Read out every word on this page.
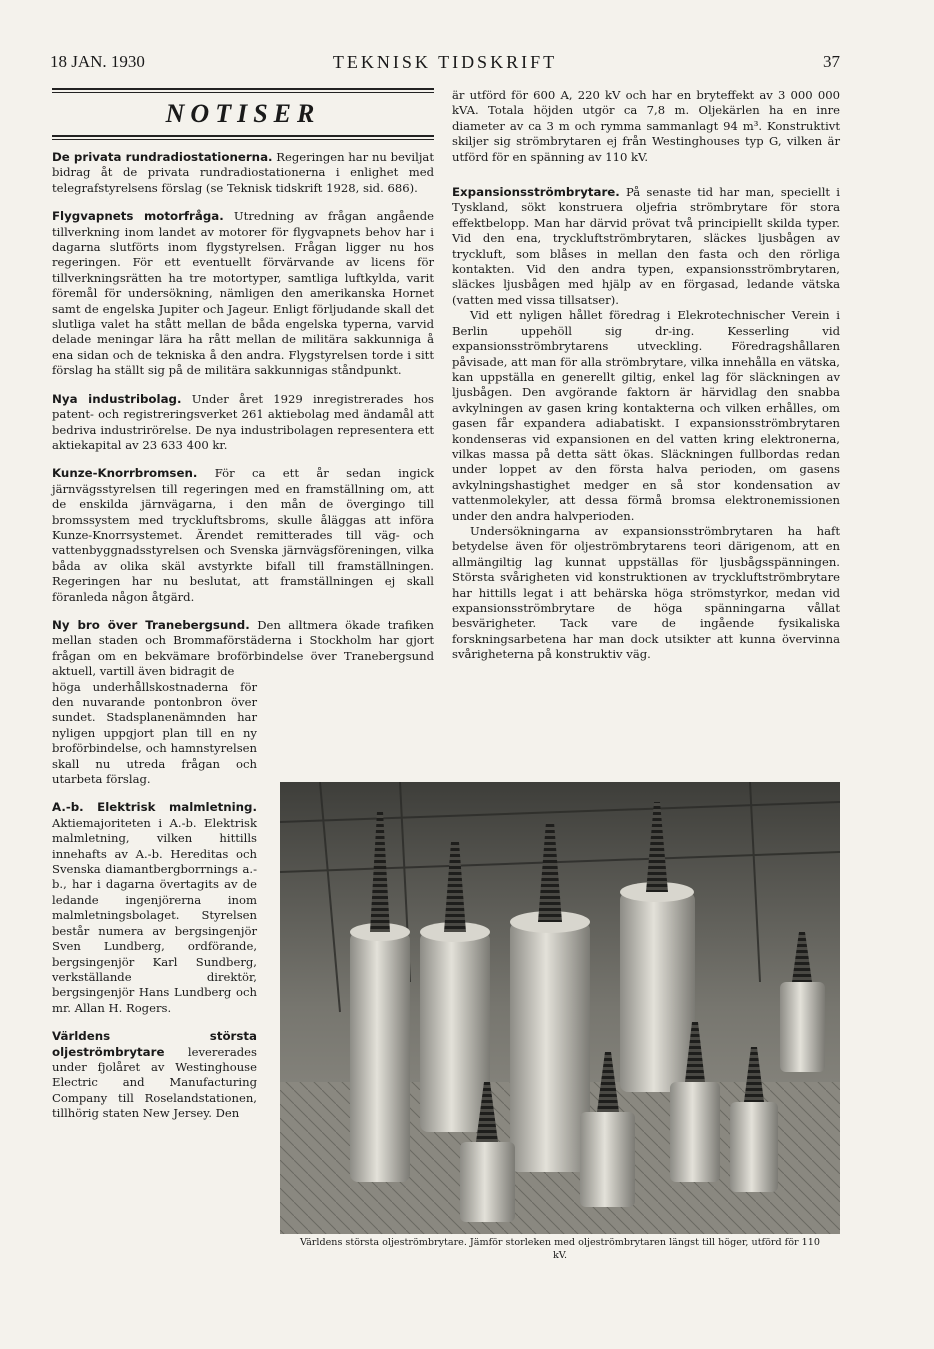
18 JAN. 1930	TEKNISK TIDSKRIFT	37
NOTISER

De privata rundradiostationerna. Regeringen har nu beviljat bidrag åt de privata rundradiostationerna i enlighet med telegrafstyrelsens förslag (se Teknisk tidskrift 1928, sid. 686).

Flygvapnets motorfråga. Utredning av frågan angående tillverkning inom landet av motorer för flygvapnets behov har i dagarna slutförts inom flygstyrelsen. Frågan ligger nu hos regeringen. För ett eventuellt förvärvande av licens för tillverkningsrätten ha tre motortyper, samtliga luftkylda, varit föremål för undersökning, nämligen den amerikanska Hornet samt de engelska Jupiter och Jageur. Enligt förljudande skall det slutliga valet ha stått mellan de båda engelska typerna, varvid delade meningar lära ha rått mellan de militära sakkunniga å ena sidan och de tekniska å den andra. Flygstyrelsen torde i sitt förslag ha ställt sig på de militära sakkunnigas ståndpunkt.

Nya industribolag. Under året 1929 inregistrerades hos patent- och registreringsverket 261 aktiebolag med ändamål att bedriva industrirörelse. De nya industribolagen representera ett aktiekapital av 23 633 400 kr.

Kunze-Knorrbromsen. För ca ett år sedan ingick järnvägsstyrelsen till regeringen med en framställning om, att de enskilda järnvägarna, i den mån de övergingo till bromssystem med tryckluftsbroms, skulle åläggas att införa Kunze-Knorrsystemet. Ärendet remitterades till väg- och vattenbyggnadsstyrelsen och Svenska järnvägsföreningen, vilka båda av olika skäl avstyrkte bifall till framställningen. Regeringen har nu beslutat, att framställningen ej skall föranleda någon åtgärd.

Ny bro över Tranebergsund. Den alltmera ökade trafiken mellan staden och Brommaförstäderna i Stockholm har gjort frågan om en bekvämare broförbindelse över Tranebergsund aktuell, vartill även bidragit de

höga underhållskostnaderna för den nuvarande pontonbron över sundet. Stadsplanenämnden har nyligen uppgjort plan till en ny broförbindelse, och hamnstyrelsen skall nu utreda frågan och utarbeta förslag.

A.-b. Elektrisk malmletning. Aktiemajoriteten i A.-b. Elektrisk malmletning, vilken hittills innehafts av A.-b. Hereditas och Svenska diamantbergborrnings a.-b., har i dagarna övertagits av de ledande ingenjörerna inom malmletningsbolaget. Styrelsen består numera av bergsingenjör Sven Lundberg, ordförande, bergsingenjör Karl Sundberg, verkställande direktör, bergsingenjör Hans Lundberg och mr. Allan H. Rogers.

Världens största oljeströmbrytare levererades under fjolåret av Westinghouse Electric and Manufacturing Company till Roselandstationen, tillhörig staten New Jersey. Den

är utförd för 600 A, 220 kV och har en bryteffekt av 3 000 000 kVA. Totala höjden utgör ca 7,8 m. Oljekärlen ha en inre diameter av ca 3 m och rymma sammanlagt 94 m³. Konstruktivt skiljer sig strömbrytaren ej från Westinghouses typ G, vilken är utförd för en spänning av 110 kV.

Expansionsströmbrytare. På senaste tid har man, speciellt i Tyskland, sökt konstruera oljefria strömbrytare för stora effektbelopp. Man har därvid prövat två principiellt skilda typer. Vid den ena, tryckluftströmbrytaren, släckes ljusbågen av tryckluft, som blåses in mellan den fasta och den rörliga kontakten. Vid den andra typen, expansionsströmbrytaren, släckes ljusbågen med hjälp av en förgasad, ledande vätska (vatten med vissa tillsatser).

Vid ett nyligen hållet föredrag i Elekrotechnischer Verein i Berlin uppehöll sig dr-ing. Kesserling vid expansionsströmbrytarens utveckling. Föredragshållaren påvisade, att man för alla strömbrytare, vilka innehålla en vätska, kan uppställa en generellt giltig, enkel lag för släckningen av ljusbågen. Den avgörande faktorn är härvidlag den snabba avkylningen av gasen kring kontakterna och vilken erhålles, om gasen får expandera adiabatiskt. I expansionsströmbrytaren kondenseras vid expansionen en del vatten kring elektronerna, vilkas massa på detta sätt ökas. Släckningen fullbordas redan under loppet av den första halva perioden, om gasens avkylningshastighet medger en så stor kondensation av vattenmolekyler, att dessa förmå bromsa elektronemissionen under den andra halvperioden.

Undersökningarna av expansionsströmbrytaren ha haft betydelse även för oljeströmbrytarens teori därigenom, att en allmängiltig lag kunnat uppställas för ljusbågsspänningen. Största svårigheten vid konstruktionen av tryckluftströmbrytare har hittills legat i att behärska höga strömstyrkor, medan vid expansionsströmbrytare de höga spänningarna vållat besvärigheter. Tack vare de ingående fysikaliska forskningsarbetena har man dock utsikter att kunna övervinna svårigheterna på konstruktiv väg.

Världens största oljeströmbrytare. Jämför storleken med oljeströmbrytaren längst till höger, utförd för 110 kV.
